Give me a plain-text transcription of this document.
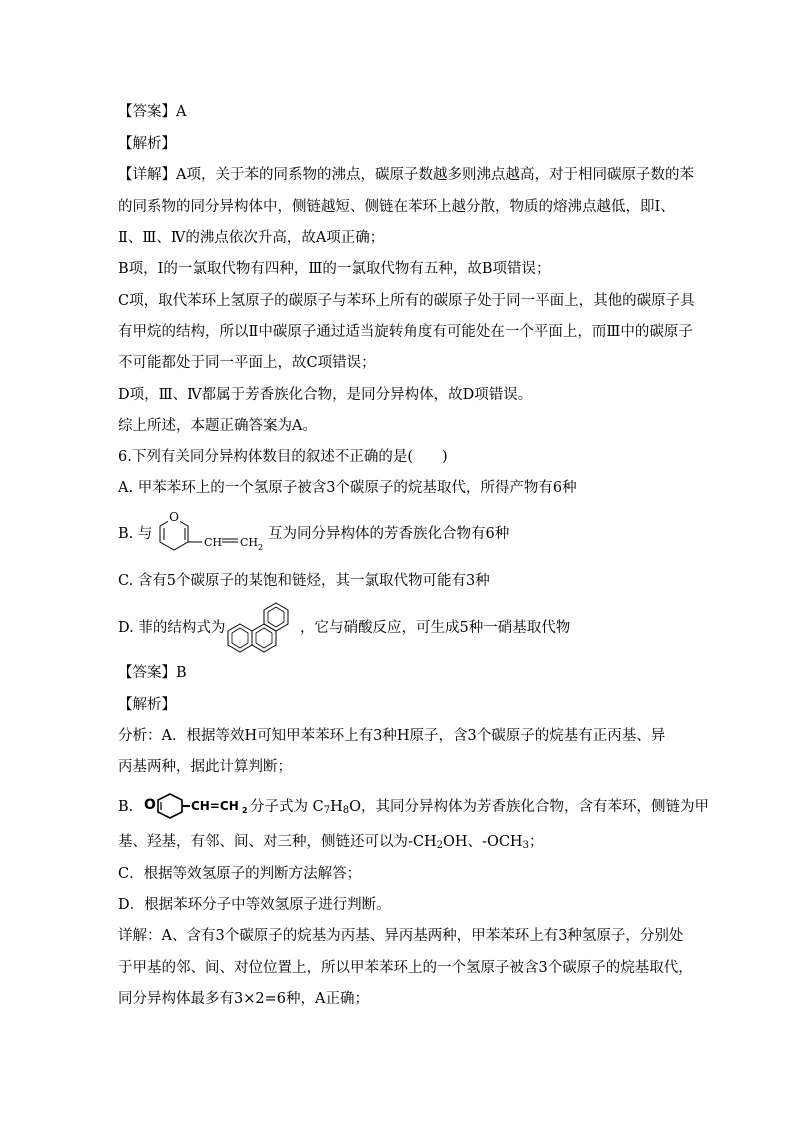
【答案】A
【解析】
【详解】A项，关于苯的同系物的沸点，碳原子数越多则沸点越高，对于相同碳原子数的苯
的同系物的同分异构体中，侧链越短、侧链在苯环上越分散，物质的熔沸点越低，即Ⅰ、
Ⅱ、Ⅲ、Ⅳ的沸点依次升高，故A项正确；
B项，Ⅰ的一氯取代物有四种，Ⅲ的一氯取代物有五种，故B项错误；
C项，取代苯环上氢原子的碳原子与苯环上所有的碳原子处于同一平面上，其他的碳原子具
有甲烷的结构，所以Ⅱ中碳原子通过适当旋转角度有可能处在一个平面上，而Ⅲ中的碳原子
不可能都处于同一平面上，故C项错误；
D项，Ⅲ、Ⅳ都属于芳香族化合物，是同分异构体，故D项错误。
综上所述，本题正确答案为A。
6.下列有关同分异构体数目的叙述不正确的是(　　)
A. 甲苯苯环上的一个氢原子被含3个碳原子的烷基取代，所得产物有6种
B. 与
O
CH CH 2
互为同分异构体的芳香族化合物有6种
C. 含有5个碳原子的某饱和链烃，其一氯取代物可能有3种
D. 菲的结构式为	，它与硝酸反应，可生成5种一硝基取代物
【答案】B
【解析】
分析：A．根据等效H可知甲苯苯环上有3种H原子，含3个碳原子的烷基有正丙基、异
丙基两种，据此计算判断；
B． O	CH=CH 2 分子式为 $C_7H_8O$，其同分异构体为芳香族化合物，含有苯环，侧链为甲
基、羟基，有邻、间、对三种，侧链还可以为$-CH_2OH$、$-OCH_3$；
C．根据等效氢原子的判断方法解答；
D．根据苯环分子中等效氢原子进行判断。
详解：A、含有3个碳原子的烷基为丙基、异丙基两种，甲苯苯环上有3种氢原子，分别处
于甲基的邻、间、对位位置上，所以甲苯苯环上的一个氢原子被含3个碳原子的烷基取代，
同分异构体最多有3×2=6种，A正确；
